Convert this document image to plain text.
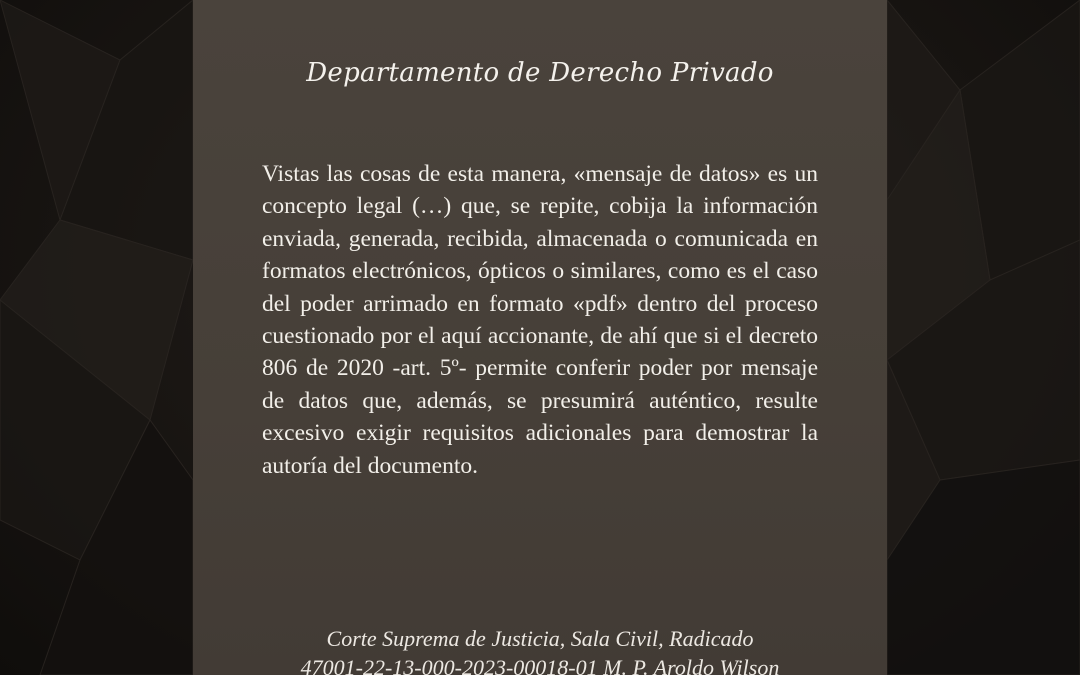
Departamento de Derecho Privado
Vistas las cosas de esta manera, «mensaje de datos» es un concepto legal (…) que, se repite, cobija la información enviada, generada, recibida, almacenada o comunicada en formatos electrónicos, ópticos o similares, como es el caso del poder arrimado en formato «pdf» dentro del proceso cuestionado por el aquí accionante, de ahí que si el decreto 806 de 2020 -art. 5º- permite conferir poder por mensaje de datos que, además, se presumirá auténtico, resulte excesivo exigir requisitos adicionales para demostrar la autoría del documento.
Corte Suprema de Justicia, Sala Civil, Radicado
47001-22-13-000-2023-00018-01 M. P. Aroldo Wilson
